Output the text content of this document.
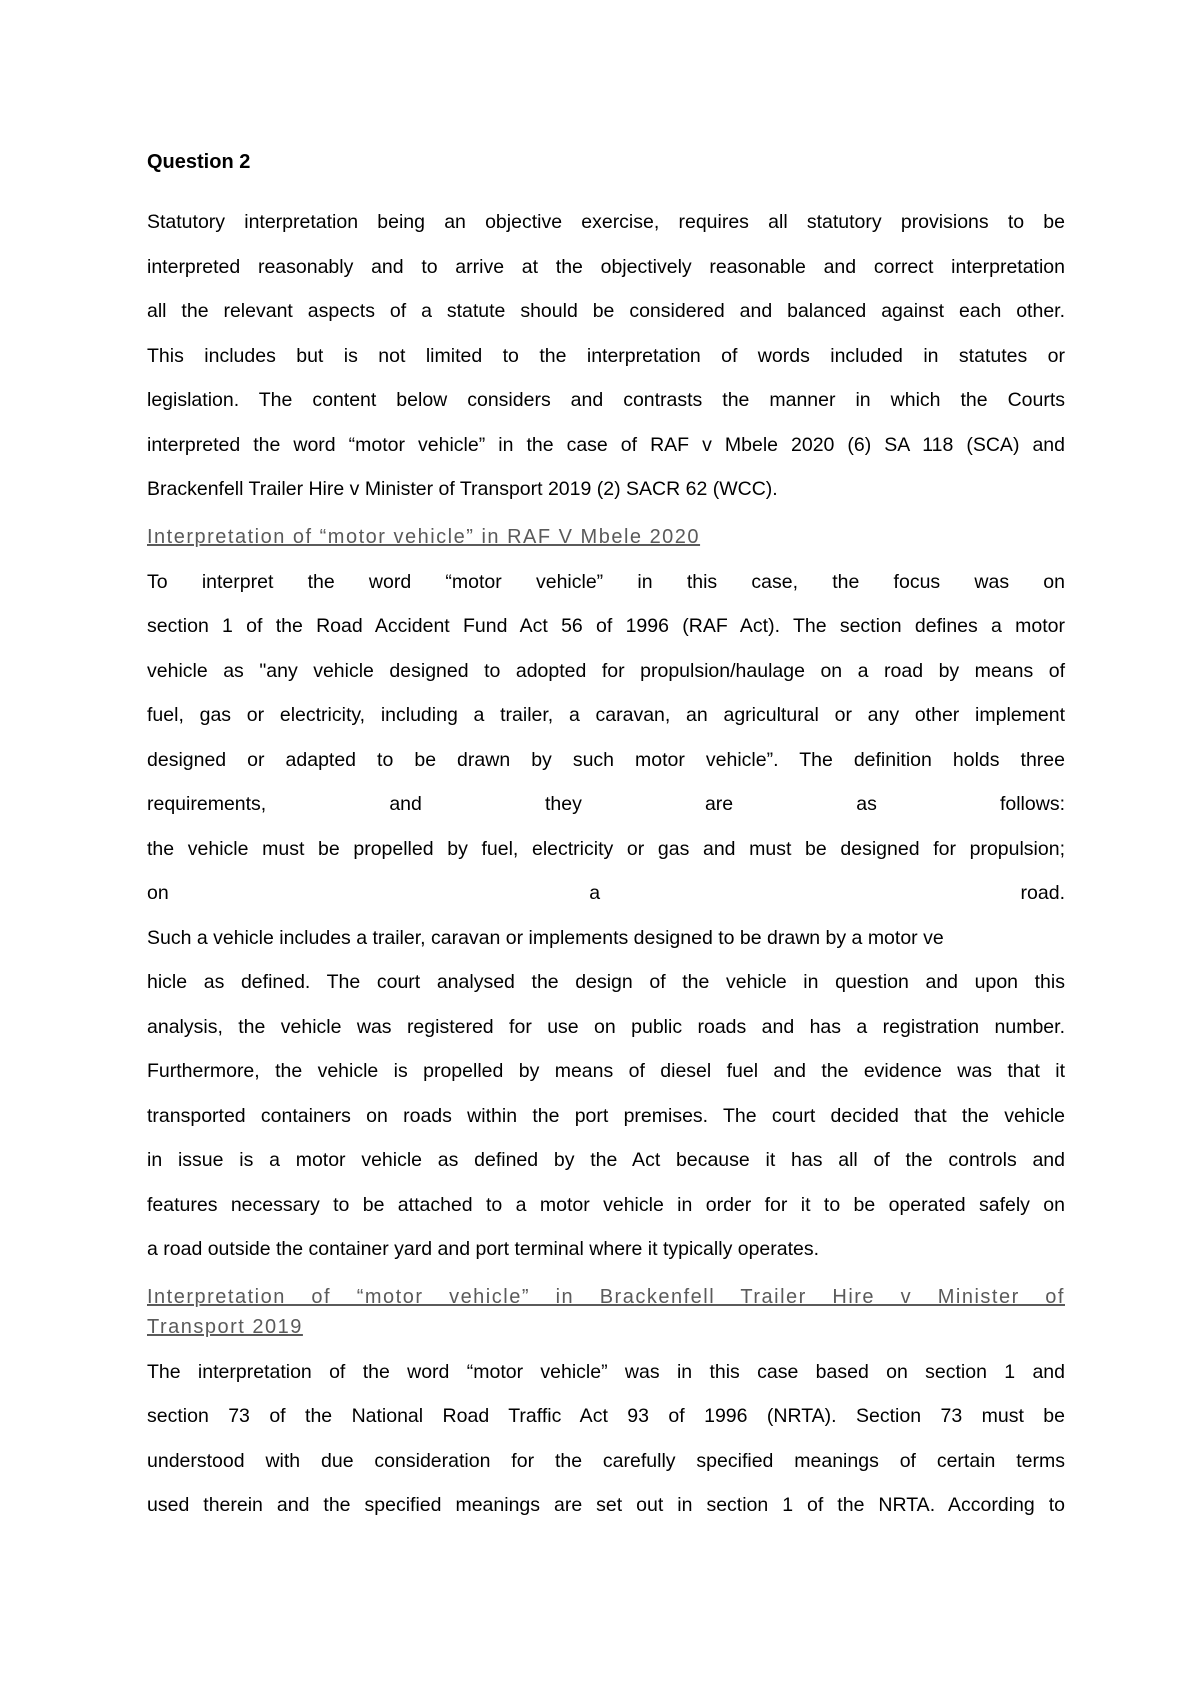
Question 2
Statutory interpretation being an objective exercise, requires all statutory provisions to be
interpreted reasonably and to arrive at the objectively reasonable and correct interpretation
all the relevant aspects of a statute should be considered and balanced against each other.
This includes but is not limited to the interpretation of words included in statutes or
legislation. The content below considers and contrasts the manner in which the Courts
interpreted the word “motor vehicle” in the case of RAF v Mbele 2020 (6) SA 118 (SCA) and
Brackenfell Trailer Hire v Minister of Transport 2019 (2) SACR 62 (WCC).
Interpretation of “motor vehicle” in RAF V Mbele 2020
To interpret the word “motor vehicle” in this case, the focus was on
section 1 of the Road Accident Fund Act 56 of 1996 (RAF Act). The section defines a motor
vehicle as "any vehicle designed to adopted for propulsion/haulage on a road by means of
fuel, gas or electricity, including a trailer, a caravan, an agricultural or any other implement
designed or adapted to be drawn by such motor vehicle”. The definition holds three
requirements, and they are as follows:
the vehicle must be propelled by fuel, electricity or gas and must be designed for propulsion;
on a road.
Such a vehicle includes a trailer, caravan or implements designed to be drawn by a motor ve
hicle as defined. The court analysed the design of the vehicle in question and upon this
analysis, the vehicle was registered for use on public roads and has a registration number.
Furthermore, the vehicle is propelled by means of diesel fuel and the evidence was that it
transported containers on roads within the port premises. The court decided that the vehicle
in issue is a motor vehicle as defined by the Act because it has all of the controls and
features necessary to be attached to a motor vehicle in order for it to be operated safely on
a road outside the container yard and port terminal where it typically operates.
Interpretation of “motor vehicle” in Brackenfell Trailer Hire v Minister of
Transport 2019
The interpretation of the word “motor vehicle” was in this case based on section 1 and
section 73 of the National Road Traffic Act 93 of 1996 (NRTA). Section 73 must be
understood with due consideration for the carefully specified meanings of certain terms
used therein and the specified meanings are set out in section 1 of the NRTA. According to
